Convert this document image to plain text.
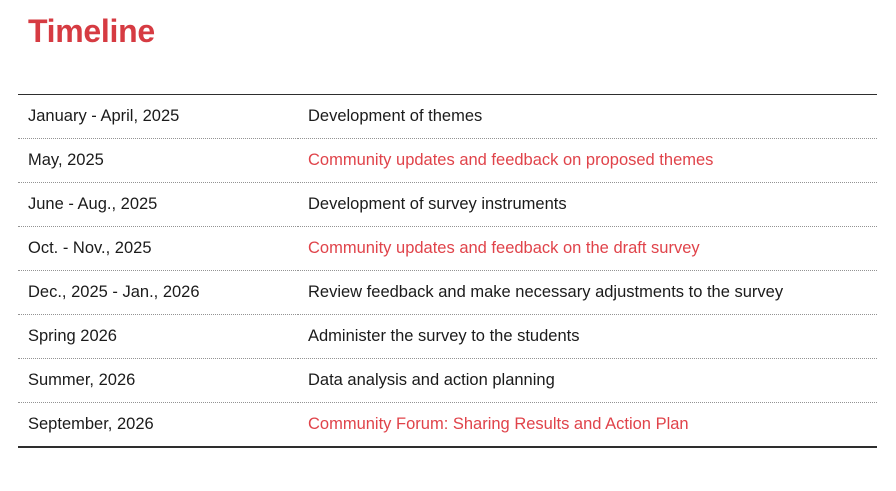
Timeline
January - April, 2025	Development of themes
May, 2025	Community updates and feedback on proposed themes
June - Aug., 2025	Development of survey instruments
Oct. - Nov., 2025	Community updates and feedback on the draft survey
Dec., 2025 - Jan., 2026	Review feedback and make necessary adjustments to the survey
Spring 2026	Administer the survey to the students
Summer, 2026	Data analysis and action planning
September, 2026	Community Forum: Sharing Results and Action Plan
